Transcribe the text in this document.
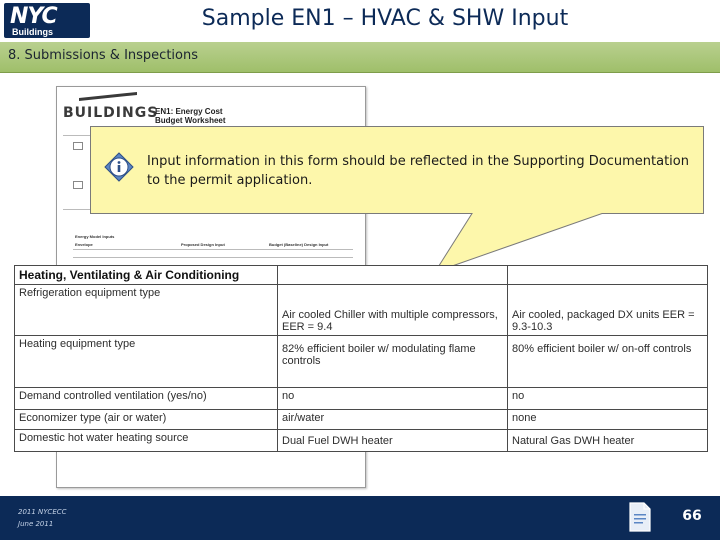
NYC
Buildings
Sample EN1 – HVAC & SHW Input
8. Submissions & Inspections
BUILDINGS
EN1: Energy Cost Budget Worksheet
Energy Model Inputs
Envelope	Proposed Design Input	Budget (Baseline) Design Input
Input information in this form should be reflected in the Supporting Documentation to the permit application.
Heating, Ventilating & Air Conditioning		
Refrigeration equipment type	Air cooled Chiller with multiple compressors, EER = 9.4	Air cooled, packaged DX units EER = 9.3-10.3
Heating equipment type	82% efficient boiler w/ modulating flame controls	80% efficient boiler w/ on-off controls
Demand controlled ventilation (yes/no)	no	no
Economizer type (air or water)	air/water	none
Domestic hot water heating source	Dual Fuel DWH heater	Natural Gas DWH heater
2011 NYCECC
June 2011	66
